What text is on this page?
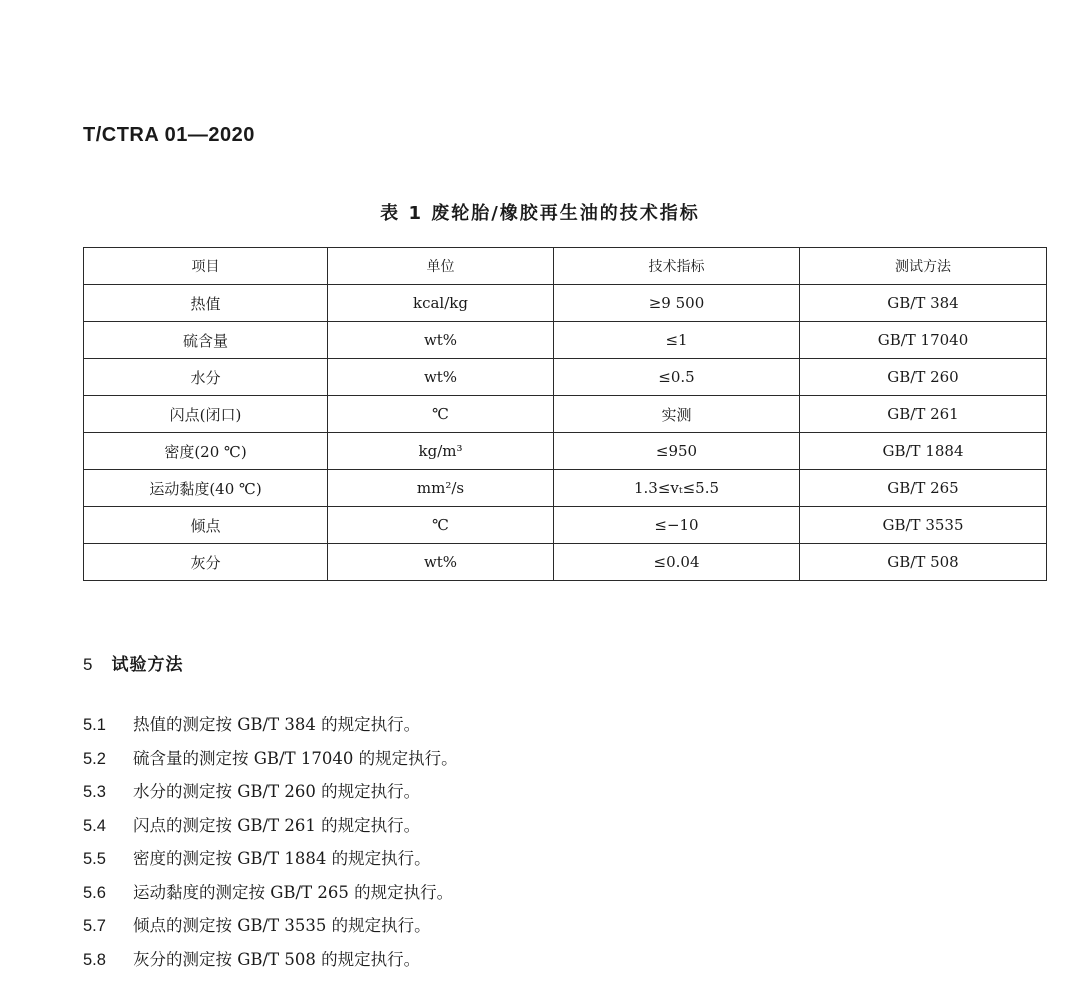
T/CTRA 01—2020
表 1 废轮胎/橡胶再生油的技术指标
项目	单位	技术指标	测试方法
热值	kcal/kg	≥9 500	GB/T 384
硫含量	wt%	≤1	GB/T 17040
水分	wt%	≤0.5	GB/T 260
闪点(闭口)	℃	实测	GB/T 261
密度(20 ℃)	kg/m³	≤950	GB/T 1884
运动黏度(40 ℃)	mm²/s	1.3≤vₜ≤5.5	GB/T 265
倾点	℃	≤−10	GB/T 3535
灰分	wt%	≤0.04	GB/T 508
5 试验方法
5.1 热值的测定按 GB/T 384 的规定执行。
5.2 硫含量的测定按 GB/T 17040 的规定执行。
5.3 水分的测定按 GB/T 260 的规定执行。
5.4 闪点的测定按 GB/T 261 的规定执行。
5.5 密度的测定按 GB/T 1884 的规定执行。
5.6 运动黏度的测定按 GB/T 265 的规定执行。
5.7 倾点的测定按 GB/T 3535 的规定执行。
5.8 灰分的测定按 GB/T 508 的规定执行。
